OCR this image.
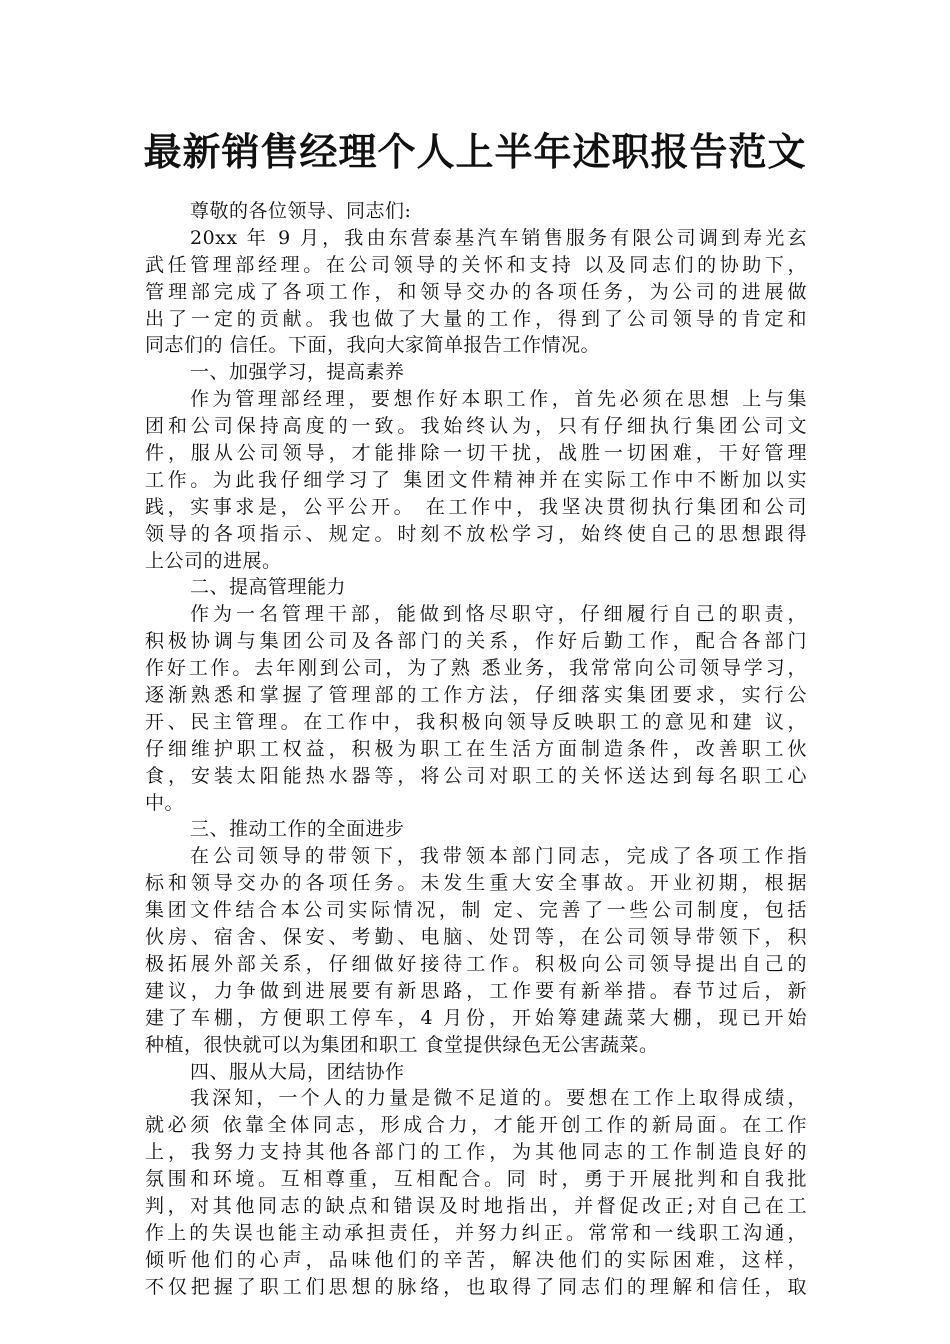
最新销售经理个人上半年述职报告范文
尊敬的各位领导、同志们:
20xx 年 9 月，我由东营泰基汽车销售服务有限公司调到寿光玄
武任管理部经理。在公司领导的关怀和支持 以及同志们的协助下，
管理部完成了各项工作，和领导交办的各项任务，为公司的进展做
出了一定的贡献。我也做了大量的工作，得到了公司领导的肯定和
同志们的 信任。下面，我向大家简单报告工作情况。
一、加强学习，提高素养
作为管理部经理，要想作好本职工作，首先必须在思想 上与集
团和公司保持高度的一致。我始终认为，只有仔细执行集团公司文
件，服从公司领导，才能排除一切干扰，战胜一切困难，干好管理
工作。为此我仔细学习了 集团文件精神并在实际工作中不断加以实
践，实事求是，公平公开。 在工作中，我坚决贯彻执行集团和公司
领导的各项指示、规定。时刻不放松学习，始终使自己的思想跟得
上公司的进展。
二、提高管理能力
作为一名管理干部，能做到恪尽职守，仔细履行自己的职责，
积极协调与集团公司及各部门的关系，作好后勤工作，配合各部门
作好工作。去年刚到公司，为了熟 悉业务，我常常向公司领导学习，
逐渐熟悉和掌握了管理部的工作方法，仔细落实集团要求，实行公
开、民主管理。在工作中，我积极向领导反映职工的意见和建 议，
仔细维护职工权益，积极为职工在生活方面制造条件，改善职工伙
食，安装太阳能热水器等，将公司对职工的关怀送达到每名职工心
中。
三、推动工作的全面进步
在公司领导的带领下，我带领本部门同志，完成了各项工作指
标和领导交办的各项任务。未发生重大安全事故。开业初期，根据
集团文件结合本公司实际情况，制 定、完善了一些公司制度，包括
伙房、宿舍、保安、考勤、电脑、处罚等，在公司领导带领下，积
极拓展外部关系，仔细做好接待工作。积极向公司领导提出自己的
建议，力争做到进展要有新思路，工作要有新举措。春节过后，新
建了车棚，方便职工停车，4 月份，开始筹建蔬菜大棚，现已开始
种植，很快就可以为集团和职工 食堂提供绿色无公害蔬菜。
四、服从大局，团结协作
我深知，一个人的力量是微不足道的。要想在工作上取得成绩，
就必须 依靠全体同志，形成合力，才能开创工作的新局面。在工作
上，我努力支持其他各部门的工作，为其他同志的工作制造良好的
氛围和环境。互相尊重，互相配合。同 时，勇于开展批判和自我批
判，对其他同志的缺点和错误及时地指出，并督促改正;对自己在工
作上的失误也能主动承担责任，并努力纠正。常常和一线职工沟通，
倾听他们的心声，品味他们的辛苦，解决他们的实际困难，这样，
不仅把握了职工们思想的脉络，也取得了同志们的理解和信任，取
